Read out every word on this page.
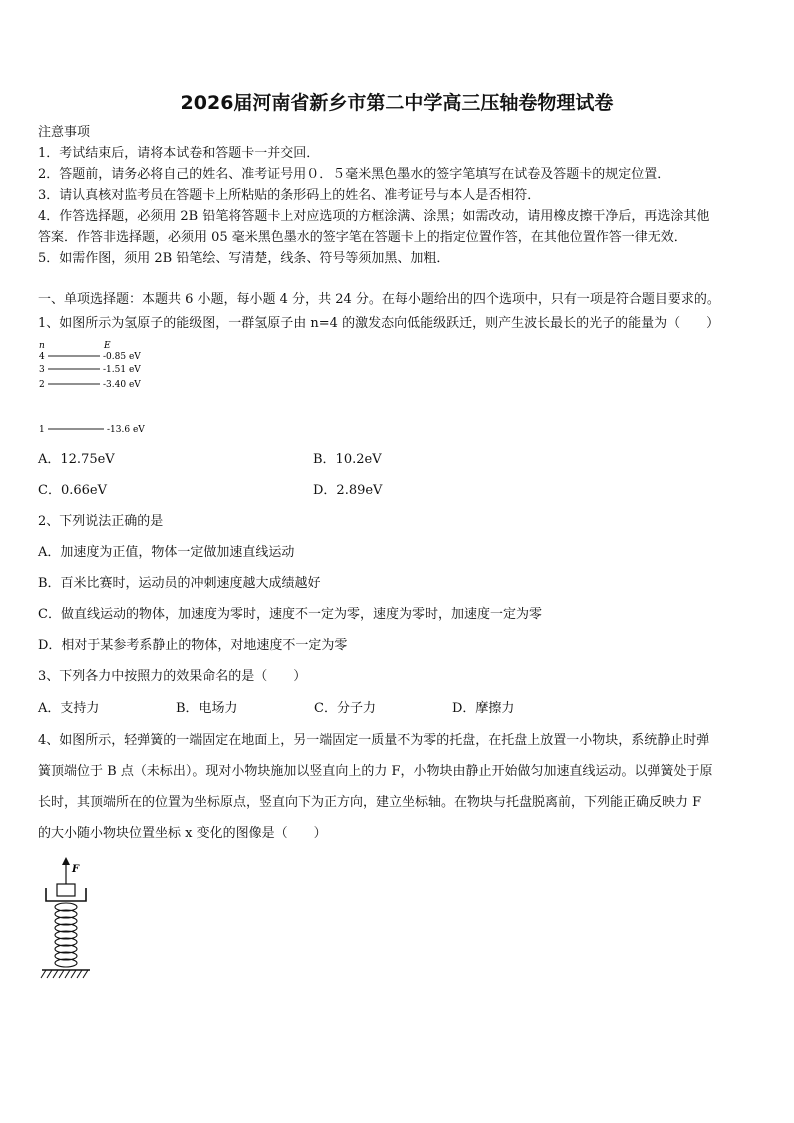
2026届河南省新乡市第二中学高三压轴卷物理试卷
注意事项
1．考试结束后，请将本试卷和答题卡一并交回．
2．答题前，请务必将自己的姓名、准考证号用０．５毫米黑色墨水的签字笔填写在试卷及答题卡的规定位置．
3．请认真核对监考员在答题卡上所粘贴的条形码上的姓名、准考证号与本人是否相符．
4．作答选择题，必须用 2B 铅笔将答题卡上对应选项的方框涂满、涂黑；如需改动，请用橡皮擦干净后，再选涂其他
答案．作答非选择题，必须用 05 毫米黑色墨水的签字笔在答题卡上的指定位置作答，在其他位置作答一律无效．
5．如需作图，须用 2B 铅笔绘、写清楚，线条、符号等须加黑、加粗．
一、单项选择题：本题共 6 小题，每小题 4 分，共 24 分。在每小题给出的四个选项中，只有一项是符合题目要求的。
1、如图所示为氢原子的能级图，一群氢原子由 n=4 的激发态向低能级跃迁，则产生波长最长的光子的能量为（　　）
n	E
4	-0.85 eV
3	-1.51 eV
2	-3.40 eV
1	-13.6 eV
A．12.75eV	B．10.2eV
C．0.66eV	D．2.89eV
2、下列说法正确的是
A．加速度为正值，物体一定做加速直线运动
B．百米比赛时，运动员的冲刺速度越大成绩越好
C．做直线运动的物体，加速度为零时，速度不一定为零，速度为零时，加速度一定为零
D．相对于某参考系静止的物体，对地速度不一定为零
3、下列各力中按照力的效果命名的是（　　）
A．支持力	B．电场力	C．分子力	D．摩擦力
4、如图所示，轻弹簧的一端固定在地面上，另一端固定一质量不为零的托盘，在托盘上放置一小物块，系统静止时弹
簧顶端位于 B 点（未标出）。现对小物块施加以竖直向上的力 F，小物块由静止开始做匀加速直线运动。以弹簧处于原
长时，其顶端所在的位置为坐标原点，竖直向下为正方向，建立坐标轴。在物块与托盘脱离前，下列能正确反映力 F
的大小随小物块位置坐标 x 变化的图像是（　　）
F
